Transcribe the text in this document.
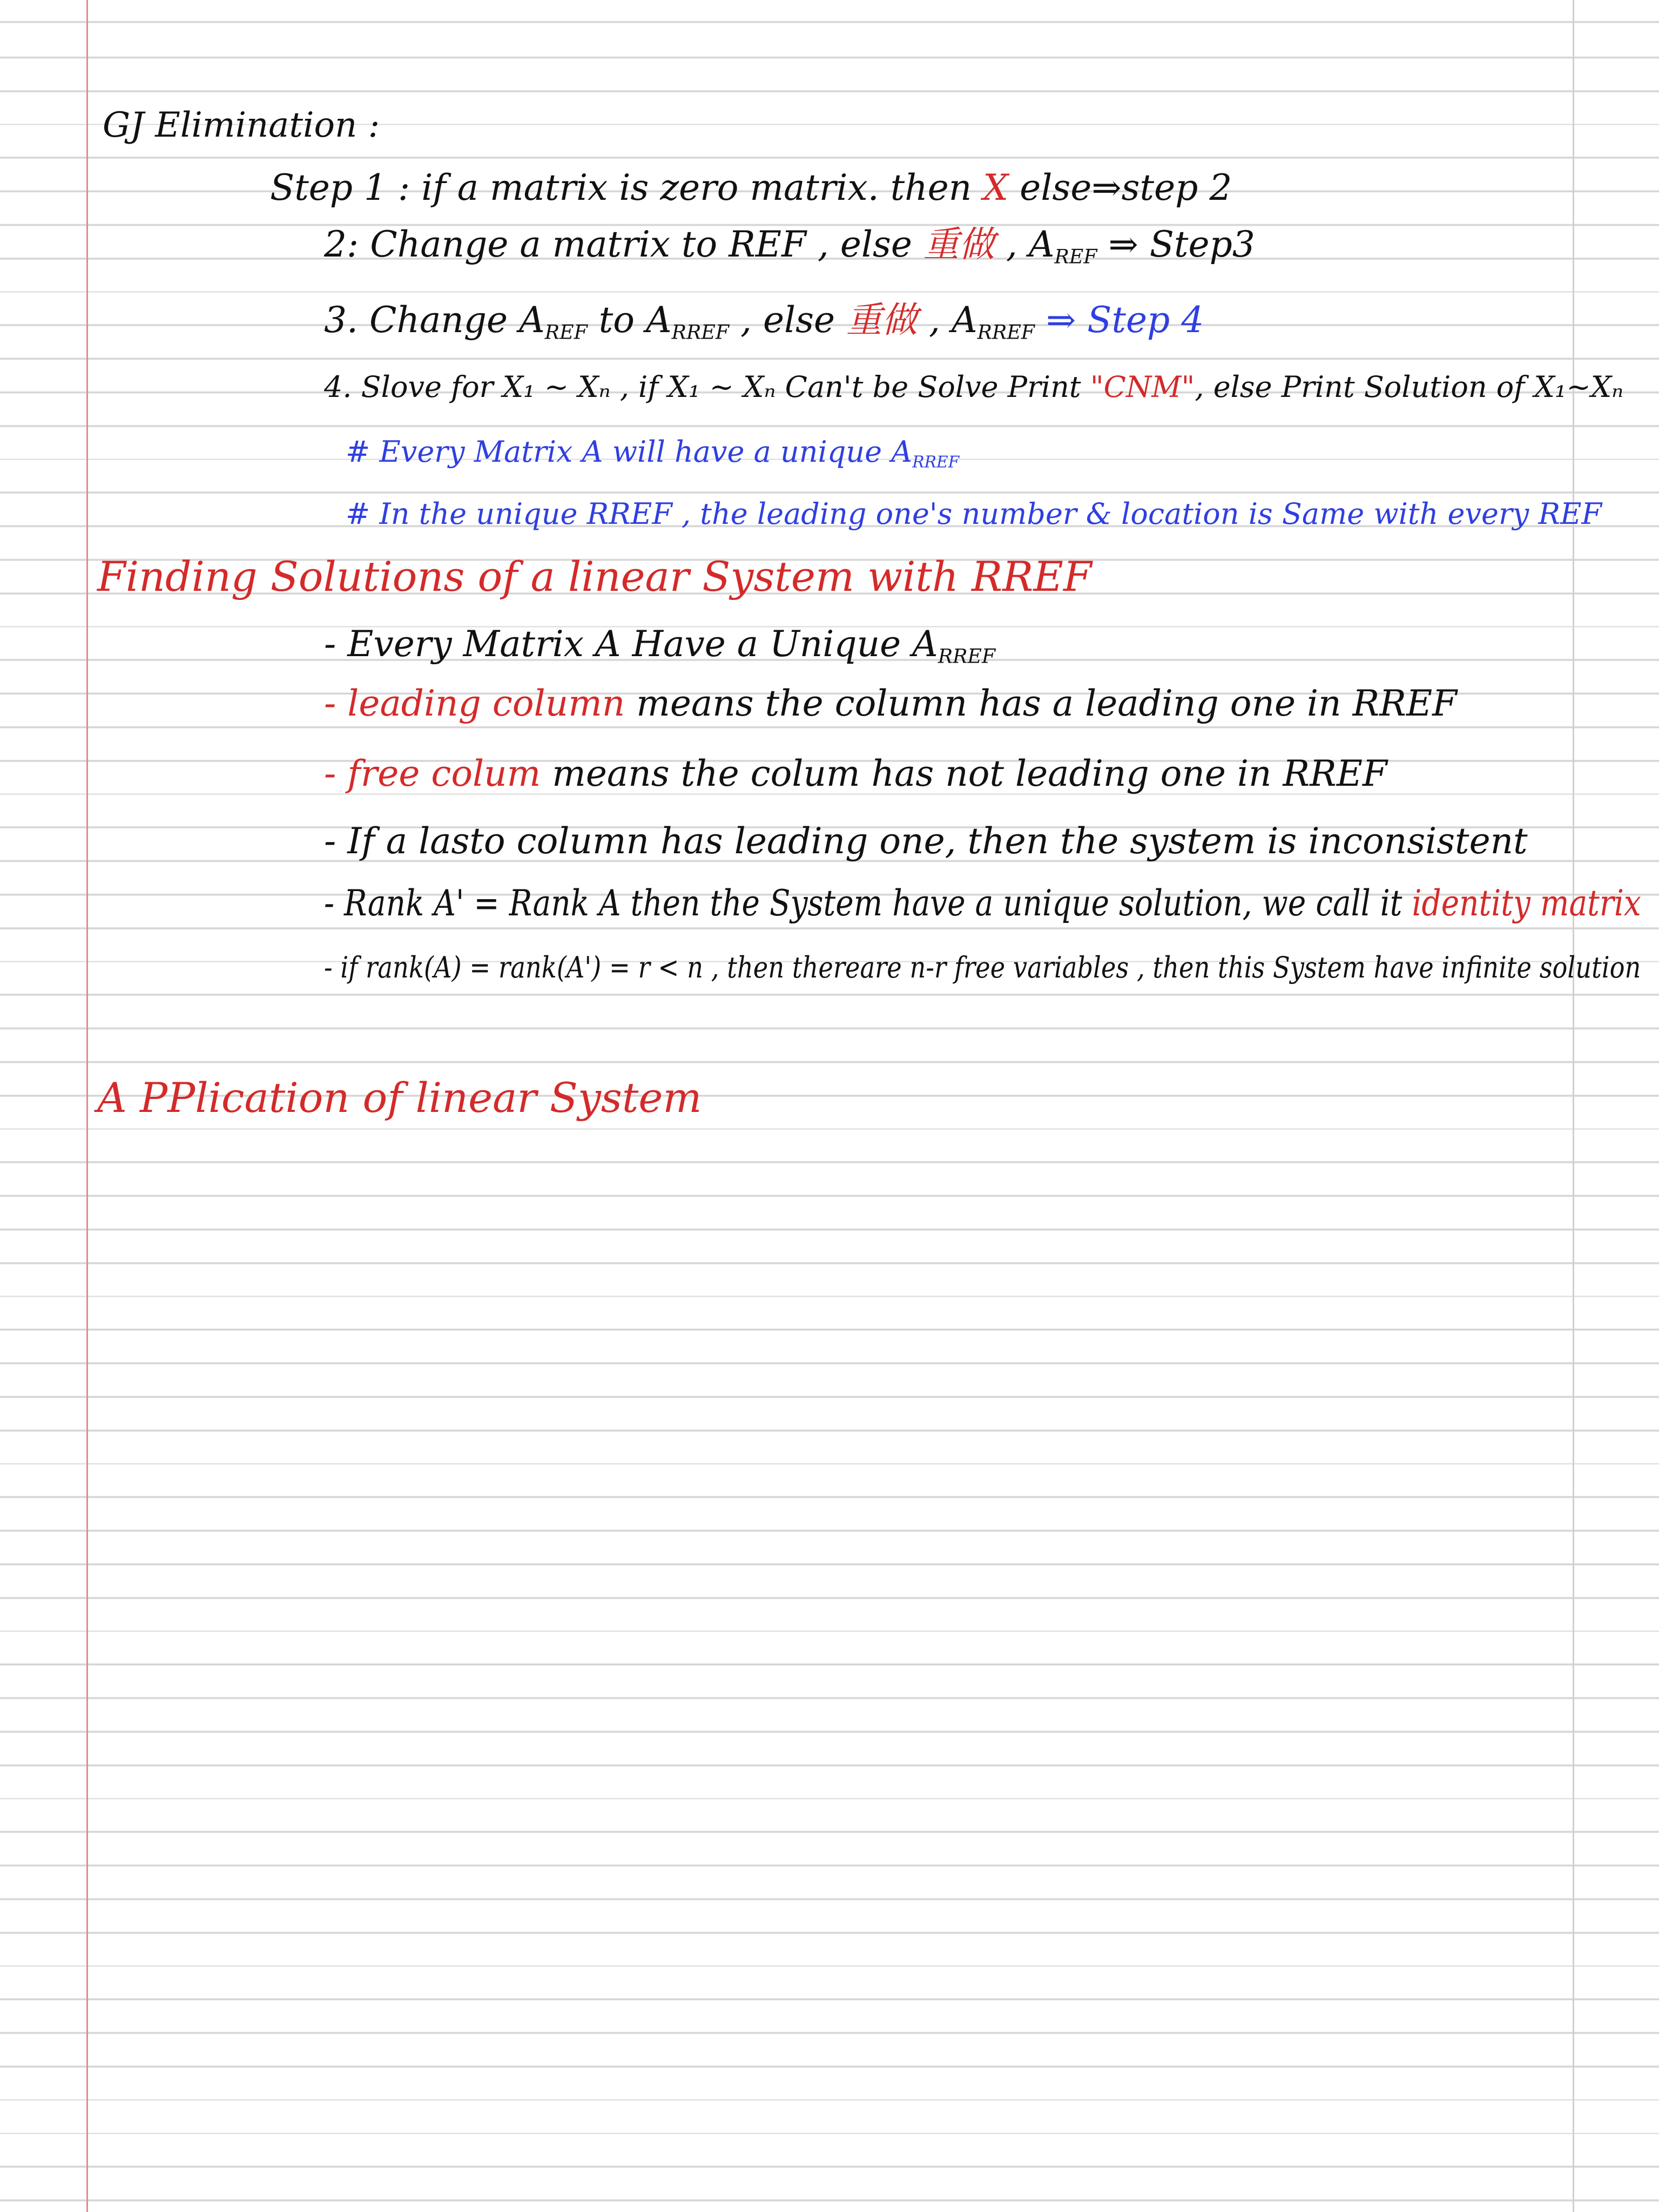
GJ Elimination :
Step 1 : if a matrix is zero matrix. then X else⇒step 2
2: Change a matrix to REF , else 重做 , $A_{REF}$ ⇒ Step3
3. Change $A_{REF}$ to $A_{RREF}$ , else 重做 , $A_{RREF}$ ⇒ Step 4
4. Slove for X₁ ~ Xₙ , if X₁ ~ Xₙ Can't be Solve Print "CNM", else Print Solution of X₁~Xₙ
# Every Matrix A will have a unique $A_{RREF}$
# In the unique RREF , the leading one's number & location is Same with every REF
Finding Solutions of a linear System with RREF
- Every Matrix A Have a Unique $A_{RREF}$
- leading column means the column has a leading one in RREF
- free colum means the colum has not leading one in RREF
- If a lasto column has leading one, then the system is inconsistent
- Rank A' = Rank A then the System have a unique solution, we call it identity matrix
- if rank(A) = rank(A') = r < n , then thereare n-r free variables , then this System have infinite solution
A PPlication of linear System
